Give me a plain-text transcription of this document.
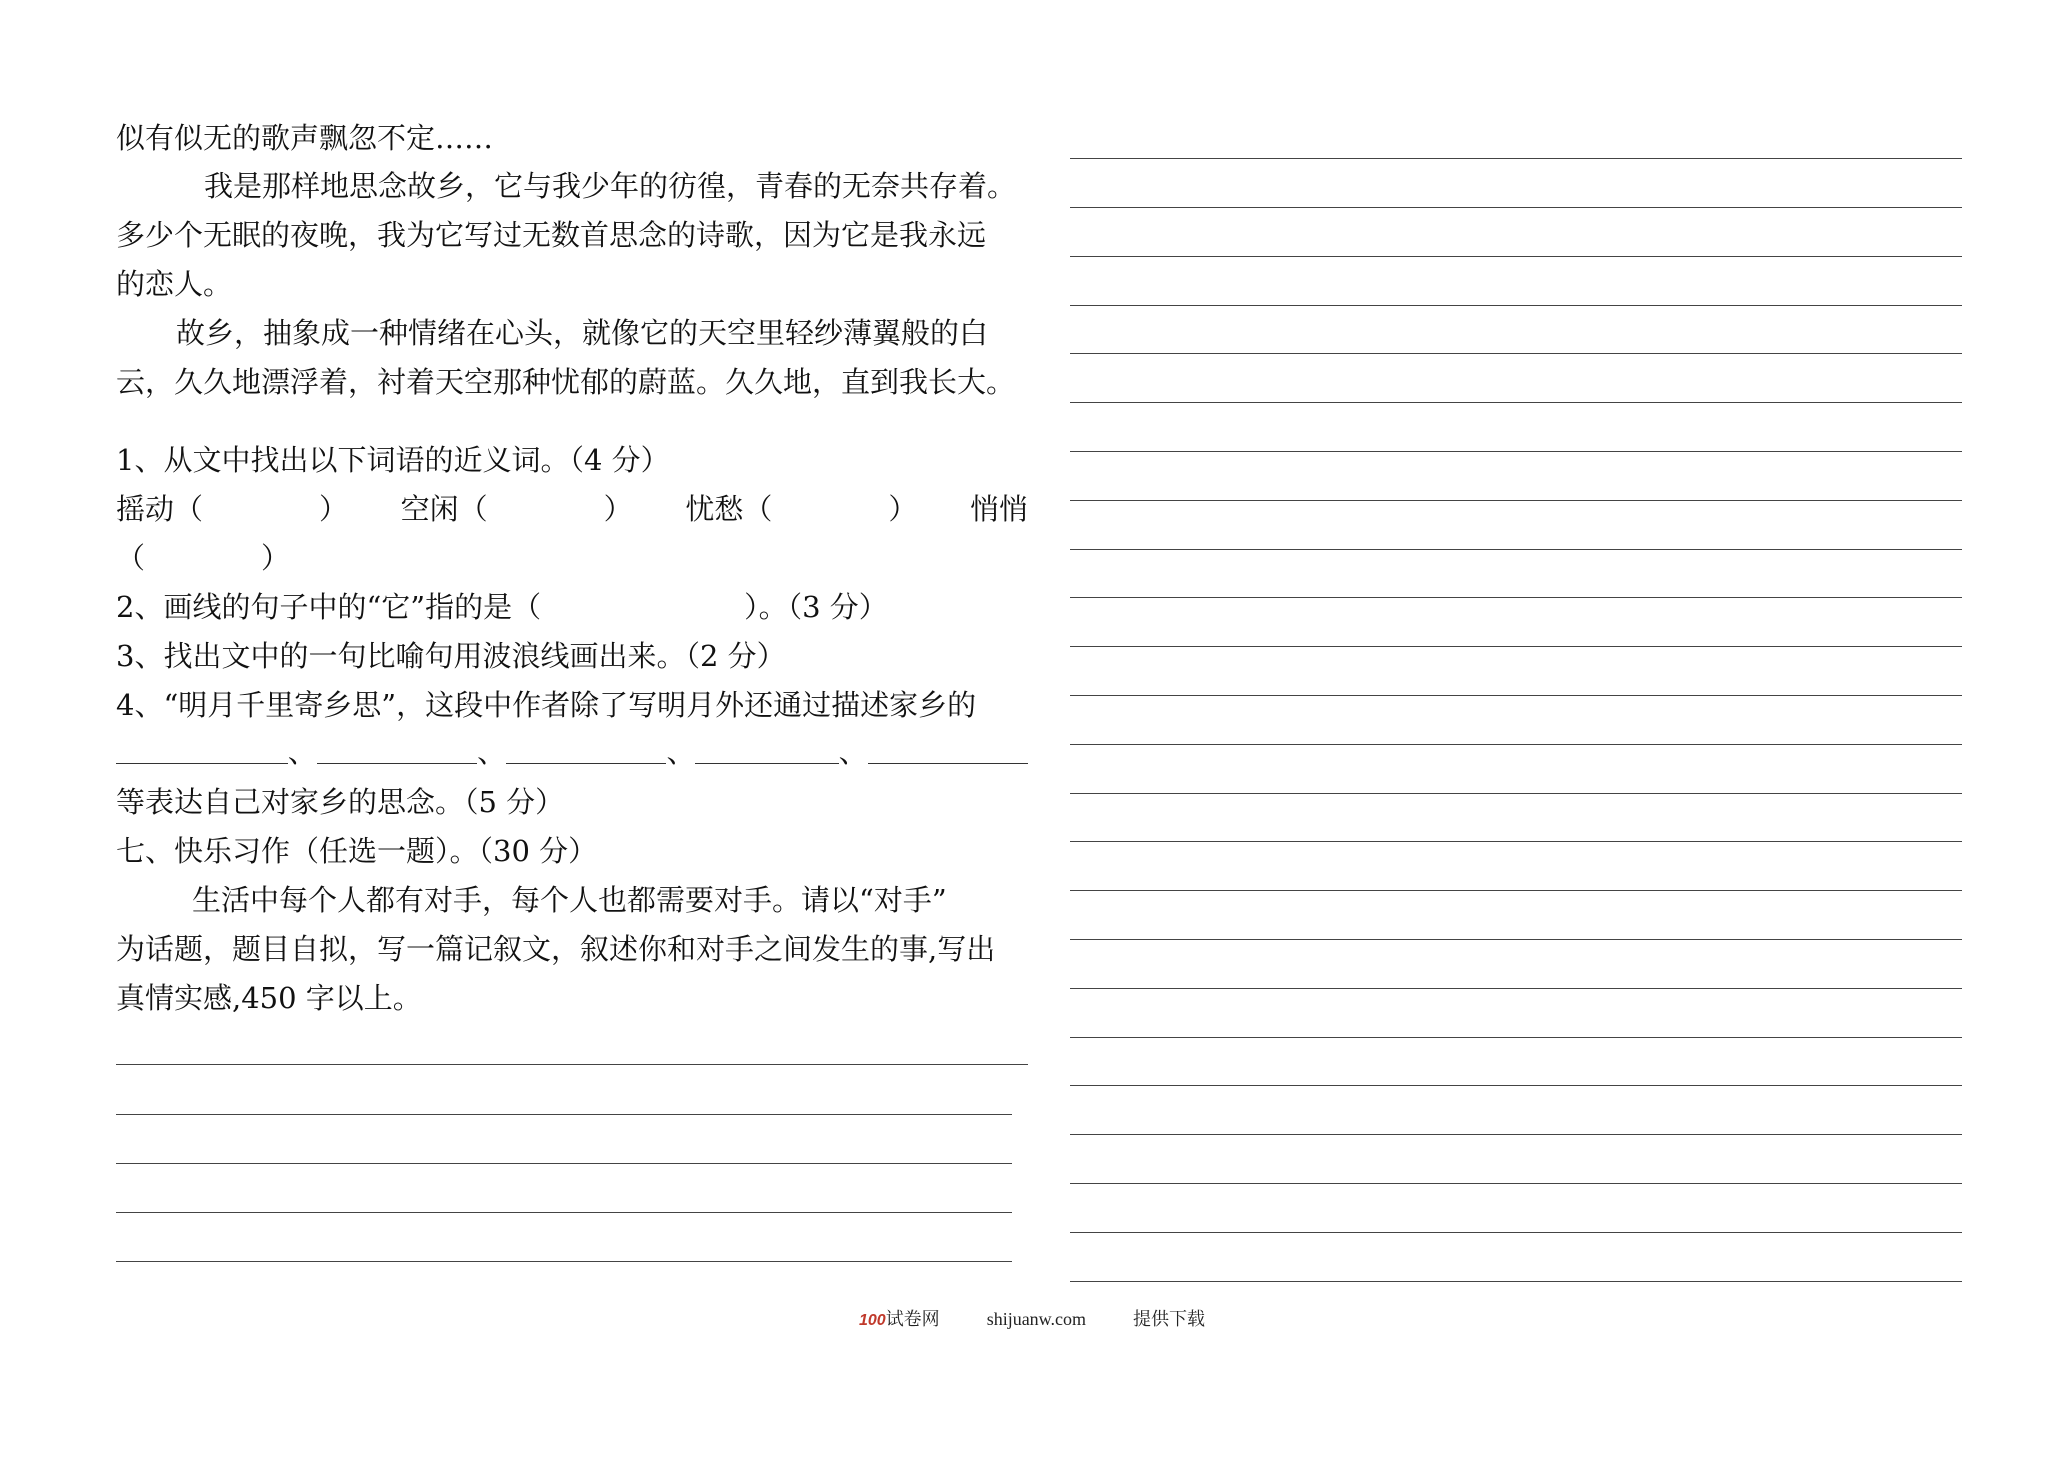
似有似无的歌声飘忽不定……
我是那样地思念故乡，它与我少年的彷徨，青春的无奈共存着。
多少个无眠的夜晚，我为它写过无数首思念的诗歌，因为它是我永远
的恋人。
故乡，抽象成一种情绪在心头，就像它的天空里轻纱薄翼般的白
云，久久地漂浮着，衬着天空那种忧郁的蔚蓝。久久地，直到我长大。
1、从文中找出以下词语的近义词。（4 分）
摇动（　　　　） 空闲（　　　　） 忧愁（　　　　） 悄悄
（　　　　）
2、画线的句子中的“它”指的是（　　　　　　　）。（3 分）
3、找出文中的一句比喻句用波浪线画出来。（2 分）
4、“明月千里寄乡思”，这段中作者除了写明月外还通过描述家乡的
、	、	、	、
等表达自己对家乡的思念。（5 分）
七、快乐习作（任选一题）。（30 分）
生活中每个人都有对手，每个人也都需要对手。请以“对手”
为话题，题目自拟，写一篇记叙文，叙述你和对手之间发生的事,写出
真情实感,450 字以上。
100试卷网	shijuanw.com	提供下载
